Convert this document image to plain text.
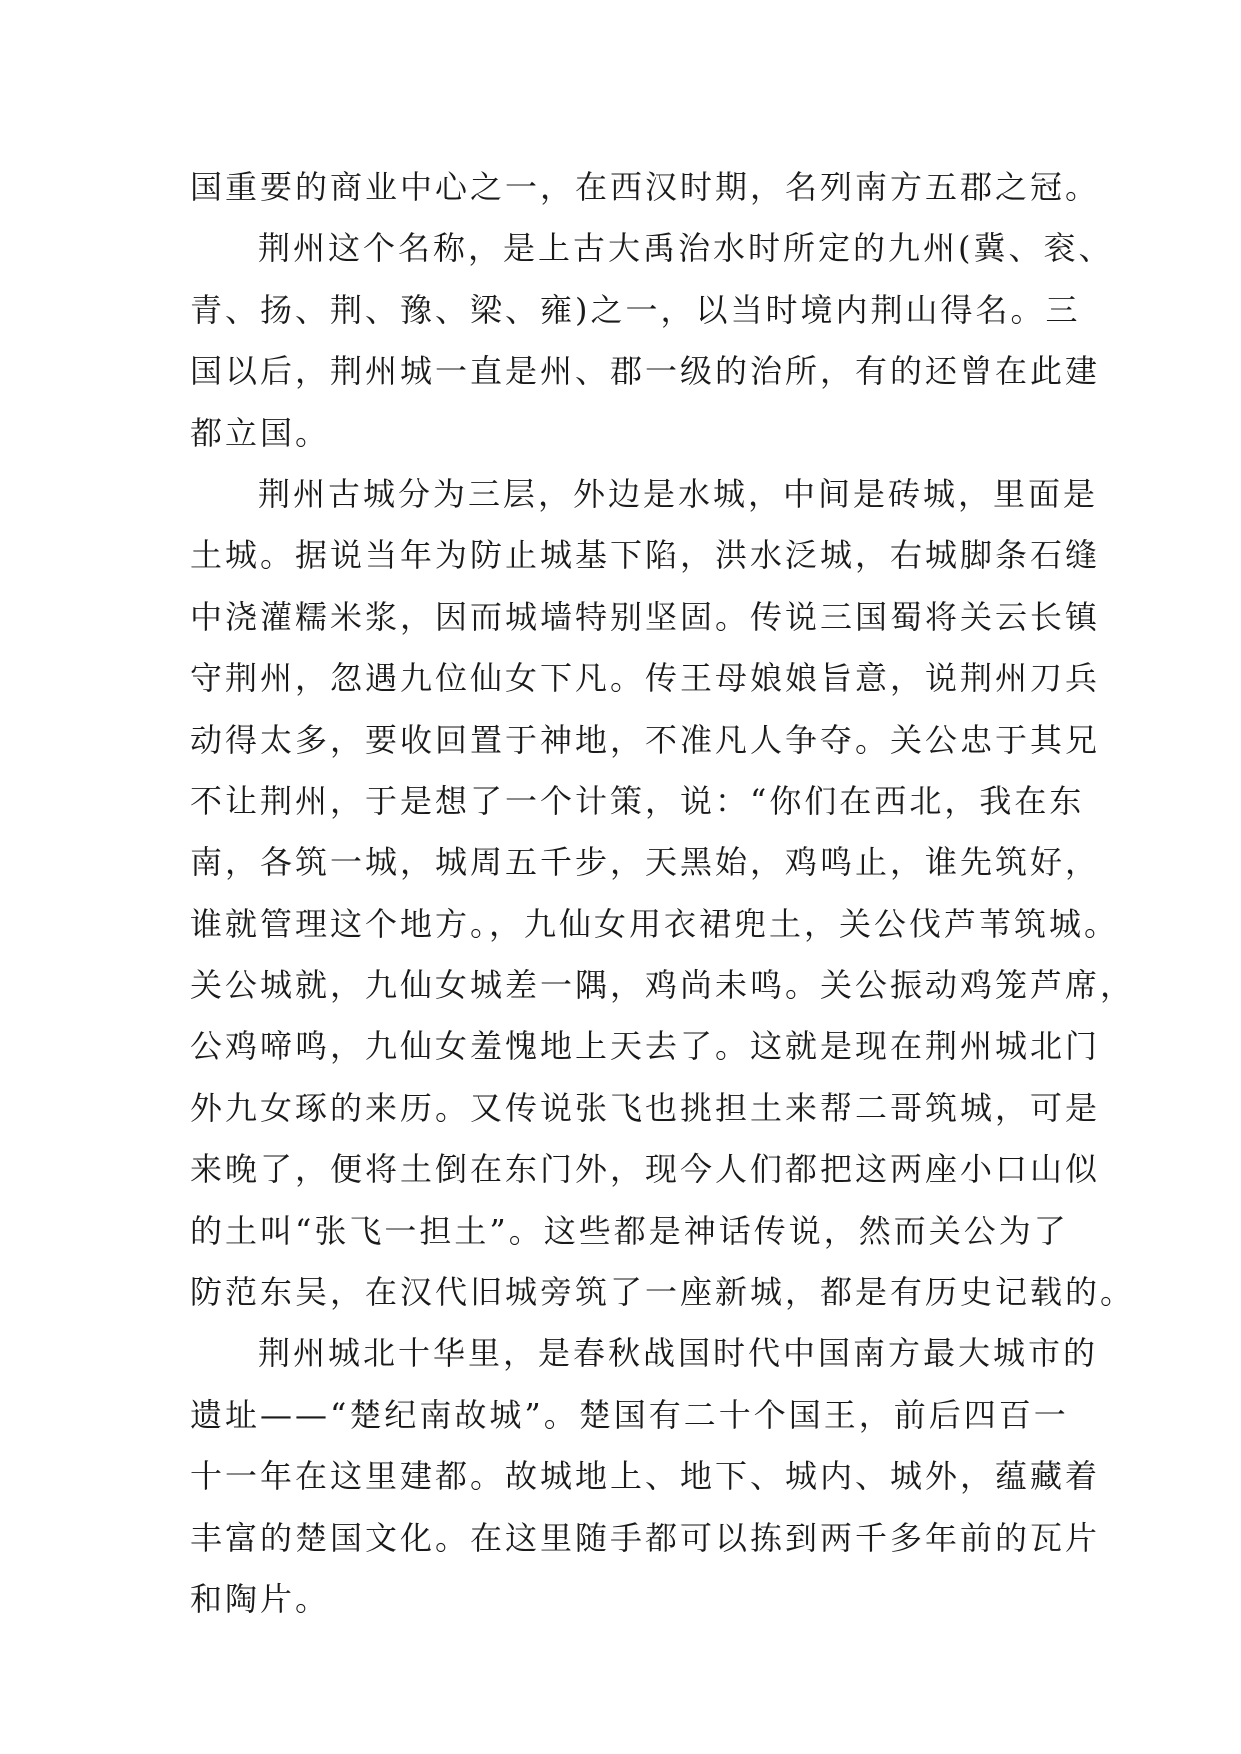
国重要的商业中心之一，在西汉时期，名列南方五郡之冠。
荆州这个名称，是上古大禹治水时所定的九州(冀、衮、
青、扬、荆、豫、梁、雍)之一，以当时境内荆山得名。三
国以后，荆州城一直是州、郡一级的治所，有的还曾在此建
都立国。
荆州古城分为三层，外边是水城，中间是砖城，里面是
土城。据说当年为防止城基下陷，洪水泛城，右城脚条石缝
中浇灌糯米浆，因而城墙特别坚固。传说三国蜀将关云长镇
守荆州，忽遇九位仙女下凡。传王母娘娘旨意，说荆州刀兵
动得太多，要收回置于神地，不准凡人争夺。关公忠于其兄
不让荆州，于是想了一个计策，说：“你们在西北，我在东
南，各筑一城，城周五千步，天黑始，鸡鸣止，谁先筑好，
谁就管理这个地方。，九仙女用衣裙兜土，关公伐芦苇筑城。
关公城就，九仙女城差一隅，鸡尚未鸣。关公振动鸡笼芦席，
公鸡啼鸣，九仙女羞愧地上天去了。这就是现在荆州城北门
外九女琢的来历。又传说张飞也挑担土来帮二哥筑城，可是
来晚了，便将土倒在东门外，现今人们都把这两座小口山似
的土叫“张飞一担土”。这些都是神话传说，然而关公为了
防范东吴，在汉代旧城旁筑了一座新城，都是有历史记载的。
荆州城北十华里，是春秋战国时代中国南方最大城市的
遗址——“楚纪南故城”。楚国有二十个国王，前后四百一
十一年在这里建都。故城地上、地下、城内、城外，蕴藏着
丰富的楚国文化。在这里随手都可以拣到两千多年前的瓦片
和陶片。
